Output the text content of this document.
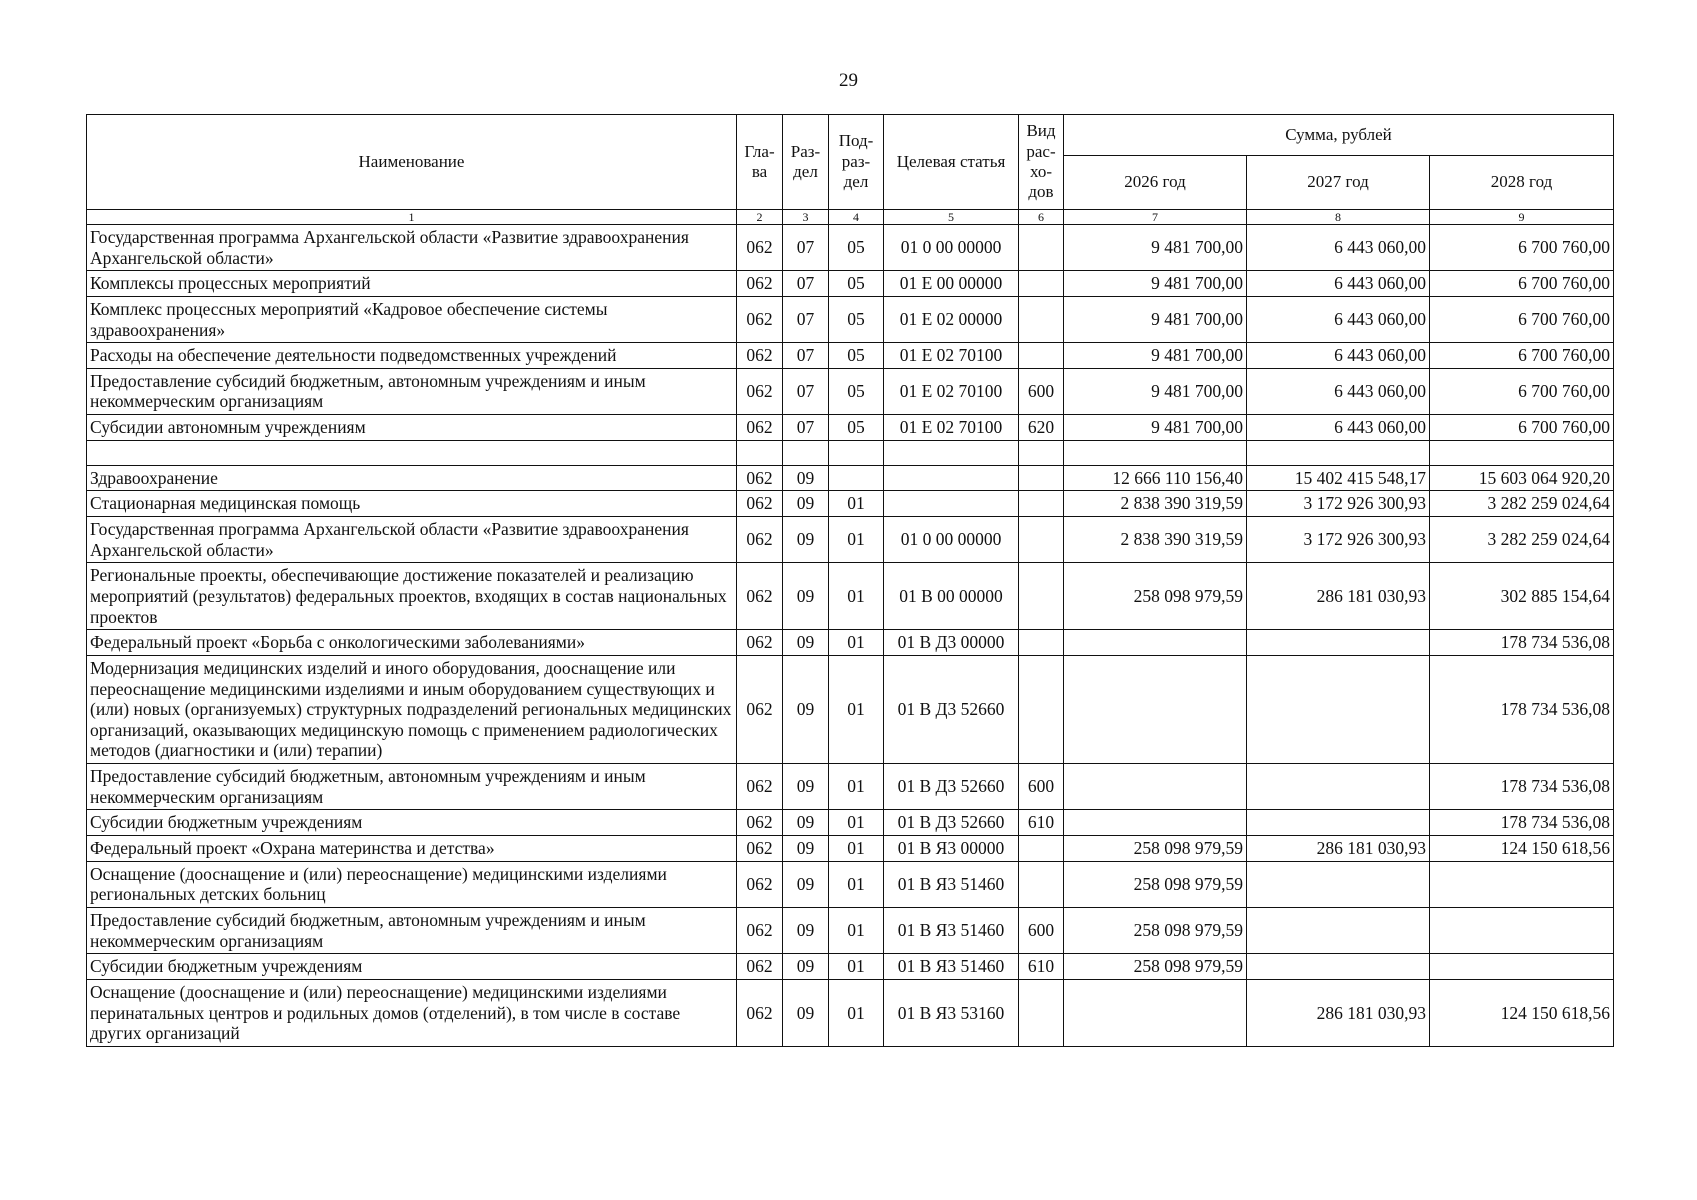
29
Наименование	Гла-ва	Раз-дел	Под-раз-дел	Целевая статья	Вид рас-хо-дов	Сумма, рублей		
						2026 год	2027 год	2028 год
1	2	3	4	5	6	7	8	9
Государственная программа Архангельской области «Развитие здравоохранения Архангельской области»	062	07	05	01 0 00 00000		9 481 700,00	6 443 060,00	6 700 760,00
Комплексы процессных мероприятий	062	07	05	01 Е 00 00000		9 481 700,00	6 443 060,00	6 700 760,00
Комплекс процессных мероприятий «Кадровое обеспечение системы здравоохранения»	062	07	05	01 Е 02 00000		9 481 700,00	6 443 060,00	6 700 760,00
Расходы на обеспечение деятельности подведомственных учреждений	062	07	05	01 Е 02 70100		9 481 700,00	6 443 060,00	6 700 760,00
Предоставление субсидий бюджетным, автономным учреждениям и иным некоммерческим организациям	062	07	05	01 Е 02 70100	600	9 481 700,00	6 443 060,00	6 700 760,00
Субсидии автономным учреждениям	062	07	05	01 Е 02 70100	620	9 481 700,00	6 443 060,00	6 700 760,00

Здравоохранение	062	09				12 666 110 156,40	15 402 415 548,17	15 603 064 920,20
Стационарная медицинская помощь	062	09	01			2 838 390 319,59	3 172 926 300,93	3 282 259 024,64
Государственная программа Архангельской области «Развитие здравоохранения Архангельской области»	062	09	01	01 0 00 00000		2 838 390 319,59	3 172 926 300,93	3 282 259 024,64
Региональные проекты, обеспечивающие достижение показателей и реализацию мероприятий (результатов) федеральных проектов, входящих в состав национальных проектов	062	09	01	01 В 00 00000		258 098 979,59	286 181 030,93	302 885 154,64
Федеральный проект «Борьба с онкологическими заболеваниями»	062	09	01	01 В Д3 00000				178 734 536,08
Модернизация медицинских изделий и иного оборудования, дооснащение или переоснащение медицинскими изделиями и иным оборудованием существующих и (или) новых (организуемых) структурных подразделений региональных медицинских организаций, оказывающих медицинскую помощь с применением радиологических методов (диагностики и (или) терапии)	062	09	01	01 В Д3 52660				178 734 536,08
Предоставление субсидий бюджетным, автономным учреждениям и иным некоммерческим организациям	062	09	01	01 В Д3 52660	600			178 734 536,08
Субсидии бюджетным учреждениям	062	09	01	01 В Д3 52660	610			178 734 536,08
Федеральный проект «Охрана материнства и детства»	062	09	01	01 В Я3 00000		258 098 979,59	286 181 030,93	124 150 618,56
Оснащение (дооснащение и (или) переоснащение) медицинскими изделиями региональных детских больниц	062	09	01	01 В Я3 51460		258 098 979,59		
Предоставление субсидий бюджетным, автономным учреждениям и иным некоммерческим организациям	062	09	01	01 В Я3 51460	600	258 098 979,59		
Субсидии бюджетным учреждениям	062	09	01	01 В Я3 51460	610	258 098 979,59		
Оснащение (дооснащение и (или) переоснащение) медицинскими изделиями перинатальных центров и родильных домов (отделений), в том числе в составе других организаций	062	09	01	01 В Я3 53160			286 181 030,93	124 150 618,56
